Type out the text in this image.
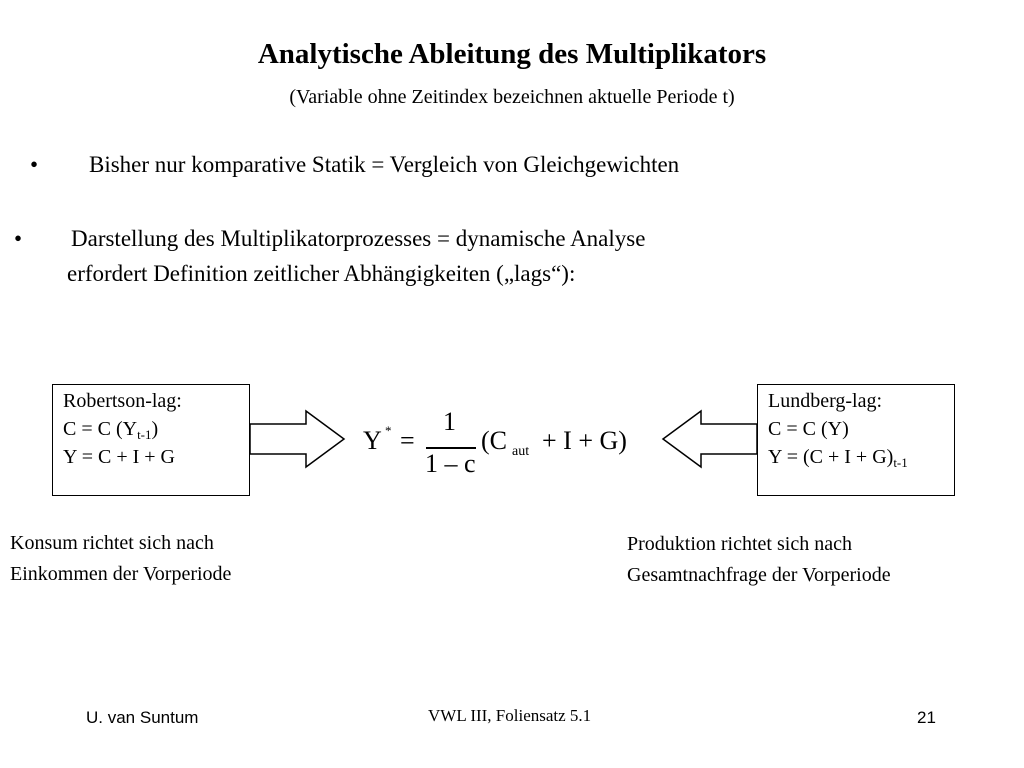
Analytische Ableitung des Multiplikators
(Variable ohne Zeitindex bezeichnen aktuelle Periode t)
• Bisher nur komparative Statik = Vergleich von Gleichgewichten
• Darstellung des Multiplikatorprozesses = dynamische Analyse
erfordert Definition zeitlicher Abhängigkeiten („lags“):
Robertson-lag:
C = C $(Y_{t-1})$
Y = C + I + G
Lundberg-lag:
C = C (Y)
$Y = (C + I + G)_{t-1}$
Y * =
1
1 – c
(C aut + I + G)
Konsum richtet sich nach
Einkommen der Vorperiode
Produktion richtet sich nach
Gesamtnachfrage der Vorperiode
U. van Suntum	VWL III, Foliensatz 5.1	21
